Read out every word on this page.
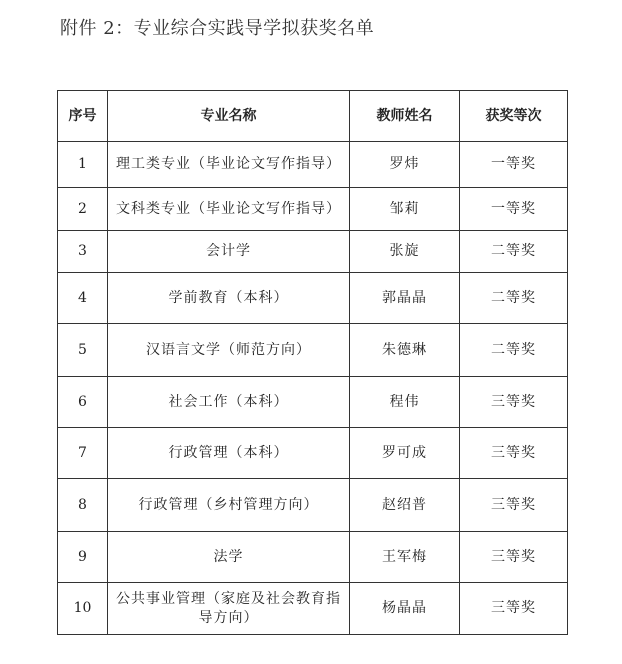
附件 2：专业综合实践导学拟获奖名单
序号	专业名称	教师姓名	获奖等次
1	理工类专业（毕业论文写作指导）	罗炜	一等奖
2	文科类专业（毕业论文写作指导）	邹莉	一等奖
3	会计学	张旋	二等奖
4	学前教育（本科）	郭晶晶	二等奖
5	汉语言文学（师范方向）	朱德琳	二等奖
6	社会工作（本科）	程伟	三等奖
7	行政管理（本科）	罗可成	三等奖
8	行政管理（乡村管理方向）	赵绍普	三等奖
9	法学	王军梅	三等奖
10	公共事业管理（家庭及社会教育指导方向）	杨晶晶	三等奖
